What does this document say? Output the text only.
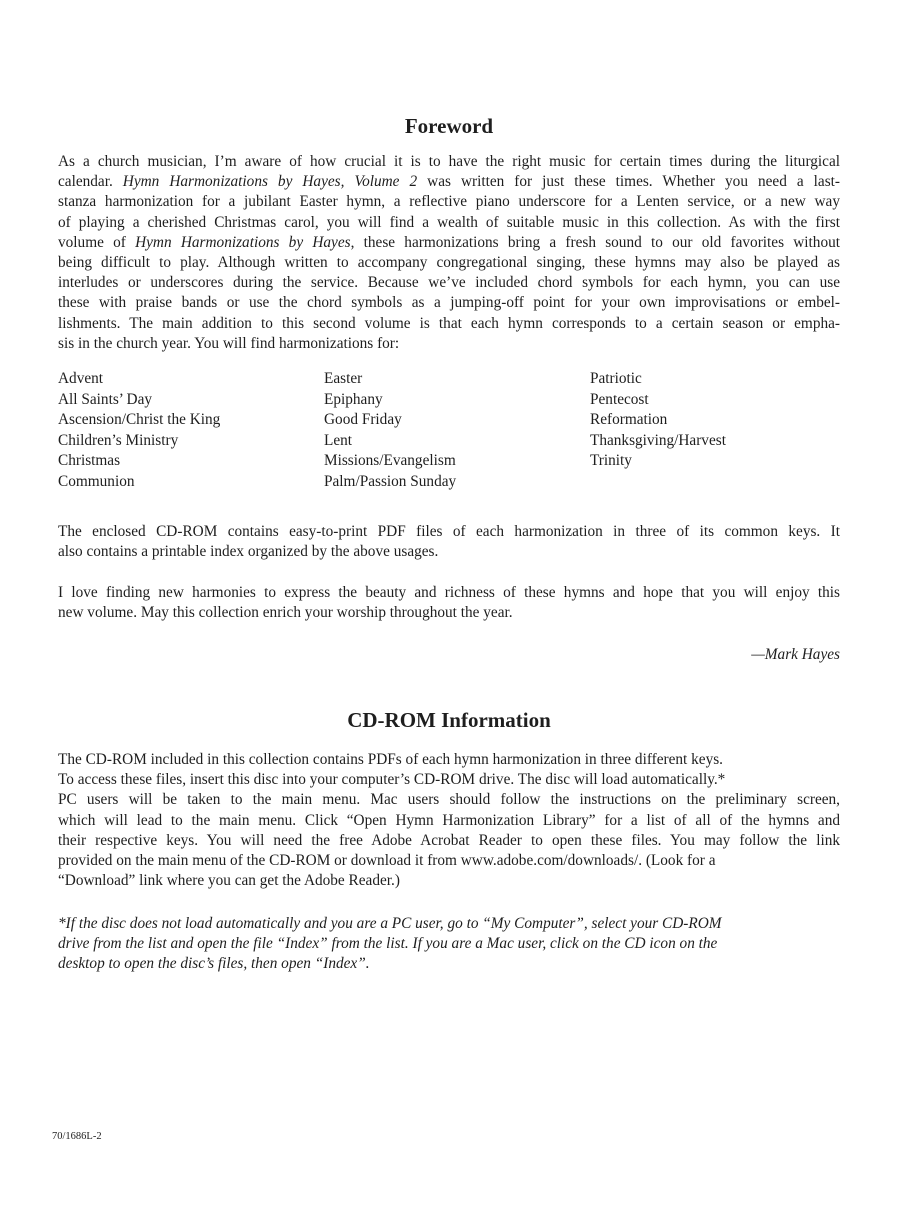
Foreword
As a church musician, I’m aware of how crucial it is to have the right music for certain times during the liturgical
calendar. Hymn Harmonizations by Hayes, Volume 2 was written for just these times. Whether you need a last-
stanza harmonization for a jubilant Easter hymn, a reflective piano underscore for a Lenten service, or a new way
of playing a cherished Christmas carol, you will find a wealth of suitable music in this collection. As with the first
volume of Hymn Harmonizations by Hayes, these harmonizations bring a fresh sound to our old favorites without
being difficult to play. Although written to accompany congregational singing, these hymns may also be played as
interludes or underscores during the service. Because we’ve included chord symbols for each hymn, you can use
these with praise bands or use the chord symbols as a jumping-off point for your own improvisations or embel-
lishments. The main addition to this second volume is that each hymn corresponds to a certain season or empha-
sis in the church year. You will find harmonizations for:
Advent
All Saints’ Day
Ascension/Christ the King
Children’s Ministry
Christmas
Communion
Easter
Epiphany
Good Friday
Lent
Missions/Evangelism
Palm/Passion Sunday
Patriotic
Pentecost
Reformation
Thanksgiving/Harvest
Trinity
The enclosed CD-ROM contains easy-to-print PDF files of each harmonization in three of its common keys. It
also contains a printable index organized by the above usages.
I love finding new harmonies to express the beauty and richness of these hymns and hope that you will enjoy this
new volume. May this collection enrich your worship throughout the year.
—Mark Hayes
CD-ROM Information
The CD-ROM included in this collection contains PDFs of each hymn harmonization in three different keys.
To access these files, insert this disc into your computer’s CD-ROM drive. The disc will load automatically.*
PC users will be taken to the main menu. Mac users should follow the instructions on the preliminary screen,
which will lead to the main menu. Click “Open Hymn Harmonization Library” for a list of all of the hymns and
their respective keys. You will need the free Adobe Acrobat Reader to open these files. You may follow the link
provided on the main menu of the CD-ROM or download it from www.adobe.com/downloads/. (Look for a
“Download” link where you can get the Adobe Reader.)
*If the disc does not load automatically and you are a PC user, go to “My Computer”, select your CD-ROM
drive from the list and open the file “Index” from the list. If you are a Mac user, click on the CD icon on the
desktop to open the disc’s files, then open “Index”.
70/1686L-2
